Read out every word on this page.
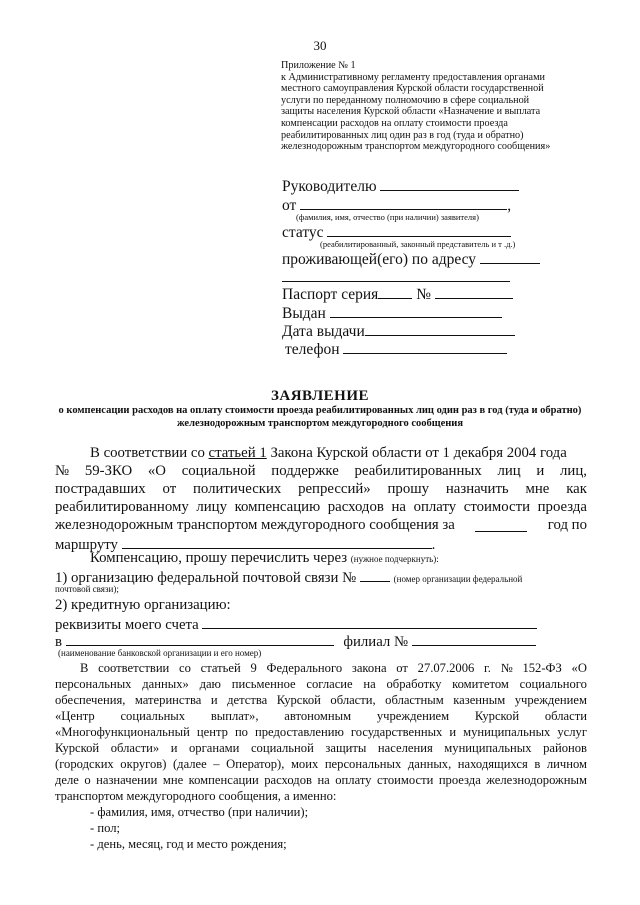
30
Приложение № 1
к Административному регламенту предоставления органами
местного самоуправления Курской области государственной
услуги по переданному полномочию в сфере социальной
защиты населения Курской области «Назначение и выплата
компенсации расходов на оплату стоимости проезда
реабилитированных лиц один раз в год (туда и обратно)
железнодорожным транспортом междугородного сообщения»
Руководителю
от	,
(фамилия, имя, отчество (при наличии) заявителя)
статус
(реабилитированный, законный представитель и т .д.)
проживающей(его) по адресу
Паспорт серия №
Выдан
Дата выдачи
телефон
ЗАЯВЛЕНИЕ
о компенсации расходов на оплату стоимости проезда реабилитированных лиц один раз в год (туда и обратно) железнодорожным транспортом междугородного сообщения
В соответствии со статьей 1 Закона Курской области от 1 декабря 2004 года
№ 59-ЗКО «О социальной поддержке реабилитированных лиц и лиц,
пострадавших от политических репрессий» прошу назначить мне как
реабилитированному лицу компенсацию расходов на оплату стоимости проезда
железнодорожным транспортом междугородного сообщения за	год по
маршруту	.
Компенсацию, прошу перечислить через (нужное подчеркнуть):
1) организацию федеральной почтовой связи №	(номер организации федеральной
почтовой связи);
2) кредитную организацию:
реквизиты моего счета
в	филиал №
(наименование банковской организации и его номер)
В соответствии со статьей 9 Федерального закона от 27.07.2006 г. № 152-ФЗ «О
персональных данных» даю письменное согласие на обработку комитетом социального
обеспечения, материнства и детства Курской области, областным казенным учреждением
«Центр социальных выплат», автономным учреждением Курской области
«Многофункциональный центр по предоставлению государственных и муниципальных услуг
Курской области» и органами социальной защиты населения муниципальных районов
(городских округов) (далее – Оператор), моих персональных данных, находящихся в личном
деле о назначении мне компенсации расходов на оплату стоимости проезда железнодорожным
транспортом междугородного сообщения, а именно:
- фамилия, имя, отчество (при наличии);
- пол;
- день, месяц, год и место рождения;
